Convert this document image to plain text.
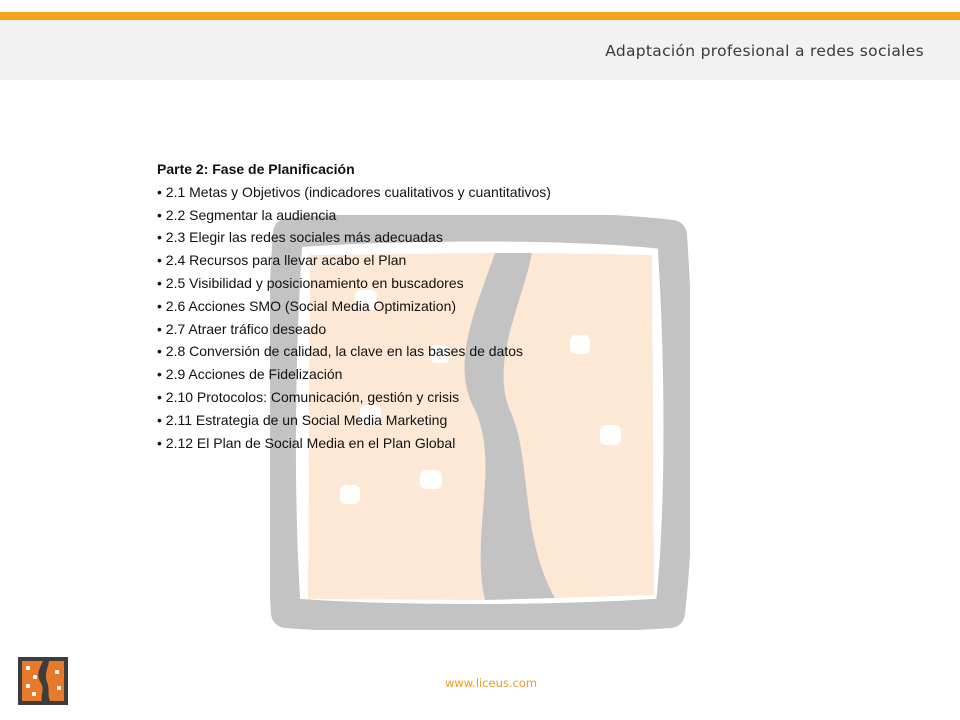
Adaptación profesional a redes sociales
Parte 2: Fase de Planificación
• 2.1 Metas y Objetivos (indicadores cualitativos y cuantitativos)
• 2.2 Segmentar la audiencia
• 2.3 Elegir las redes sociales más adecuadas
• 2.4 Recursos para llevar acabo el Plan
• 2.5 Visibilidad y posicionamiento en buscadores
• 2.6 Acciones SMO (Social Media Optimization)
• 2.7 Atraer tráfico deseado
• 2.8 Conversión de calidad, la clave en las bases de datos
• 2.9 Acciones de Fidelización
• 2.10 Protocolos: Comunicación, gestión y crisis
• 2.11 Estrategia de un Social Media Marketing
• 2.12 El Plan de Social Media en el Plan Global
www.liceus.com
